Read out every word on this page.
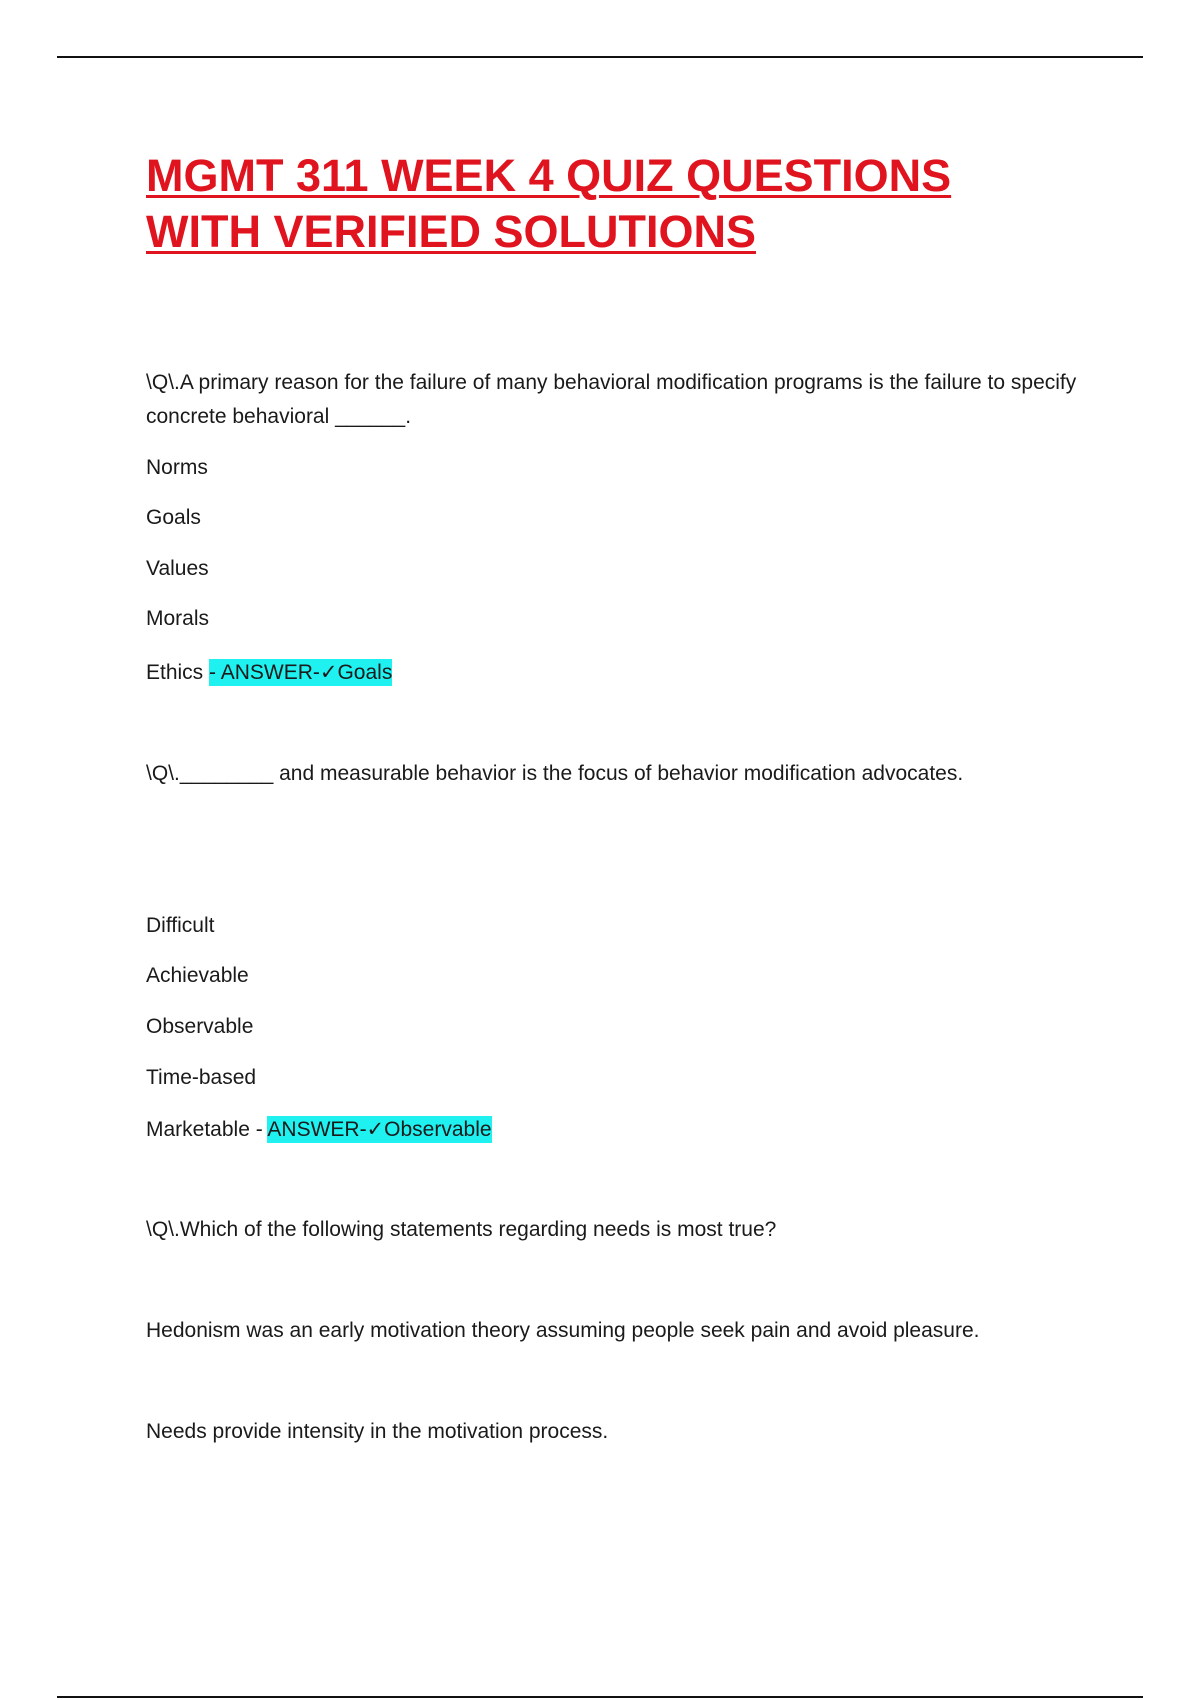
MGMT 311 WEEK 4 QUIZ QUESTIONS
WITH VERIFIED SOLUTIONS

\Q\.A primary reason for the failure of many behavioral modification programs is the failure to specify concrete behavioral ______.

Norms

Goals

Values

Morals

Ethics - ANSWER-✓Goals

\Q\.________ and measurable behavior is the focus of behavior modification advocates.

Difficult

Achievable

Observable

Time-based

Marketable - ANSWER-✓Observable

\Q\.Which of the following statements regarding needs is most true?

Hedonism was an early motivation theory assuming people seek pain and avoid pleasure.

Needs provide intensity in the motivation process.
